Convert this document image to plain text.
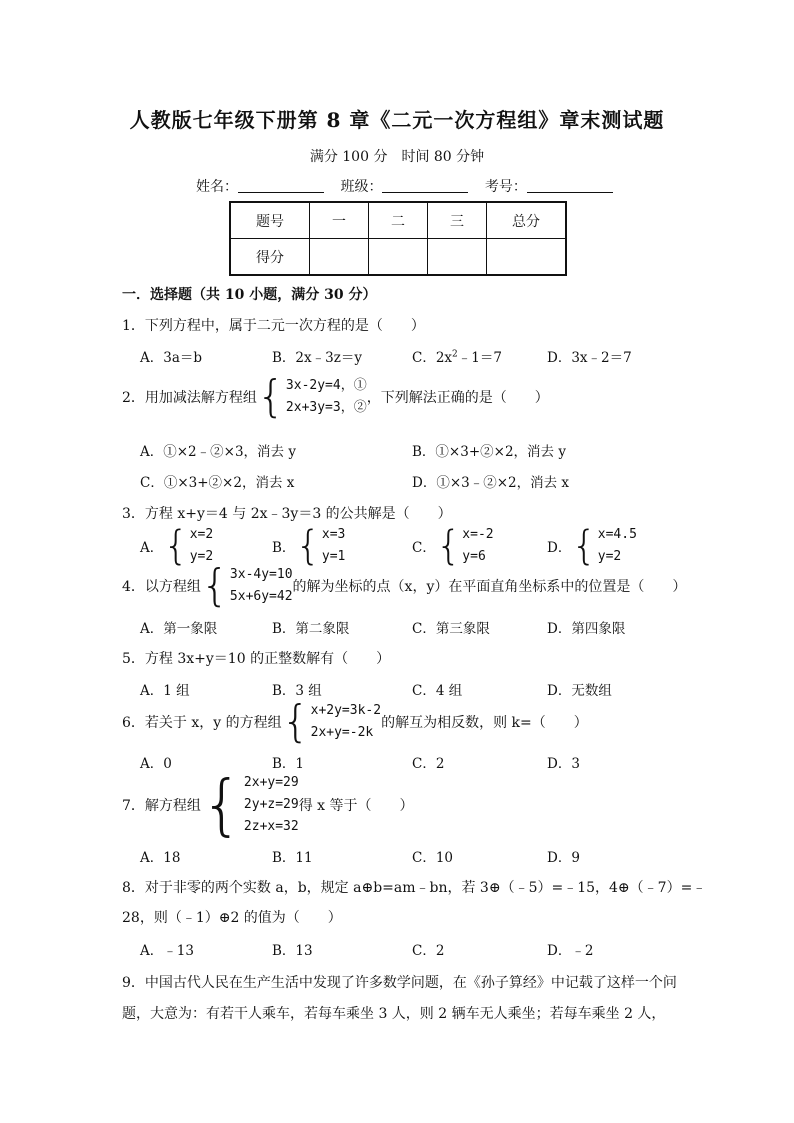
人教版七年级下册第 8 章《二元一次方程组》章末测试题
满分 100 分　时间 80 分钟
姓名：	班级：	考号：
题号	一	二	三	总分
得分				
一．选择题（共 10 小题，满分 30 分）
1．下列方程中，属于二元一次方程的是（　　）
A．3a＝b	B．2x﹣3z＝y	C．$2x^2﹣1=7$	D．3x﹣2＝7
2．用加减法解方程组 { 3x-2y=4，①
2x+3y=3，②
，下列解法正确的是（　　）
A．①×2﹣②×3，消去 y	B．①×3+②×2，消去 y
C．①×3+②×2，消去 x	D．①×3﹣②×2，消去 x
3．方程 x+y＝4 与 2x﹣3y＝3 的公共解是（　　）
A． { x=2
y=2
B． { x=3
y=1
C． { x=-2
y=6
D． { x=4.5
y=2
4．以方程组 { 3x-4y=10
5x+6y=42
的解为坐标的点（x，y）在平面直角坐标系中的位置是（　　）
A．第一象限	B．第二象限	C．第三象限	D．第四象限
5．方程 3x+y＝10 的正整数解有（　　）
A．1 组	B．3 组	C．4 组	D．无数组
6．若关于 x，y 的方程组 { x+2y=3k-2
2x+y=-2k
的解互为相反数，则 k=（　　）
A．0	B．1	C．2	D．3
7．解方程组 { 2x+y=29
2y+z=29
2z+x=32
得 x 等于（　　）
A．18	B．11	C．10	D．9
8．对于非零的两个实数 a，b，规定 a⊕b=am﹣bn，若 3⊕（﹣5）=﹣15，4⊕（﹣7）=﹣
28，则（﹣1）⊕2 的值为（　　）
A．﹣13	B．13	C．2	D．﹣2
9．中国古代人民在生产生活中发现了许多数学问题，在《孙子算经》中记载了这样一个问
题，大意为：有若干人乘车，若每车乘坐 3 人，则 2 辆车无人乘坐；若每车乘坐 2 人，
